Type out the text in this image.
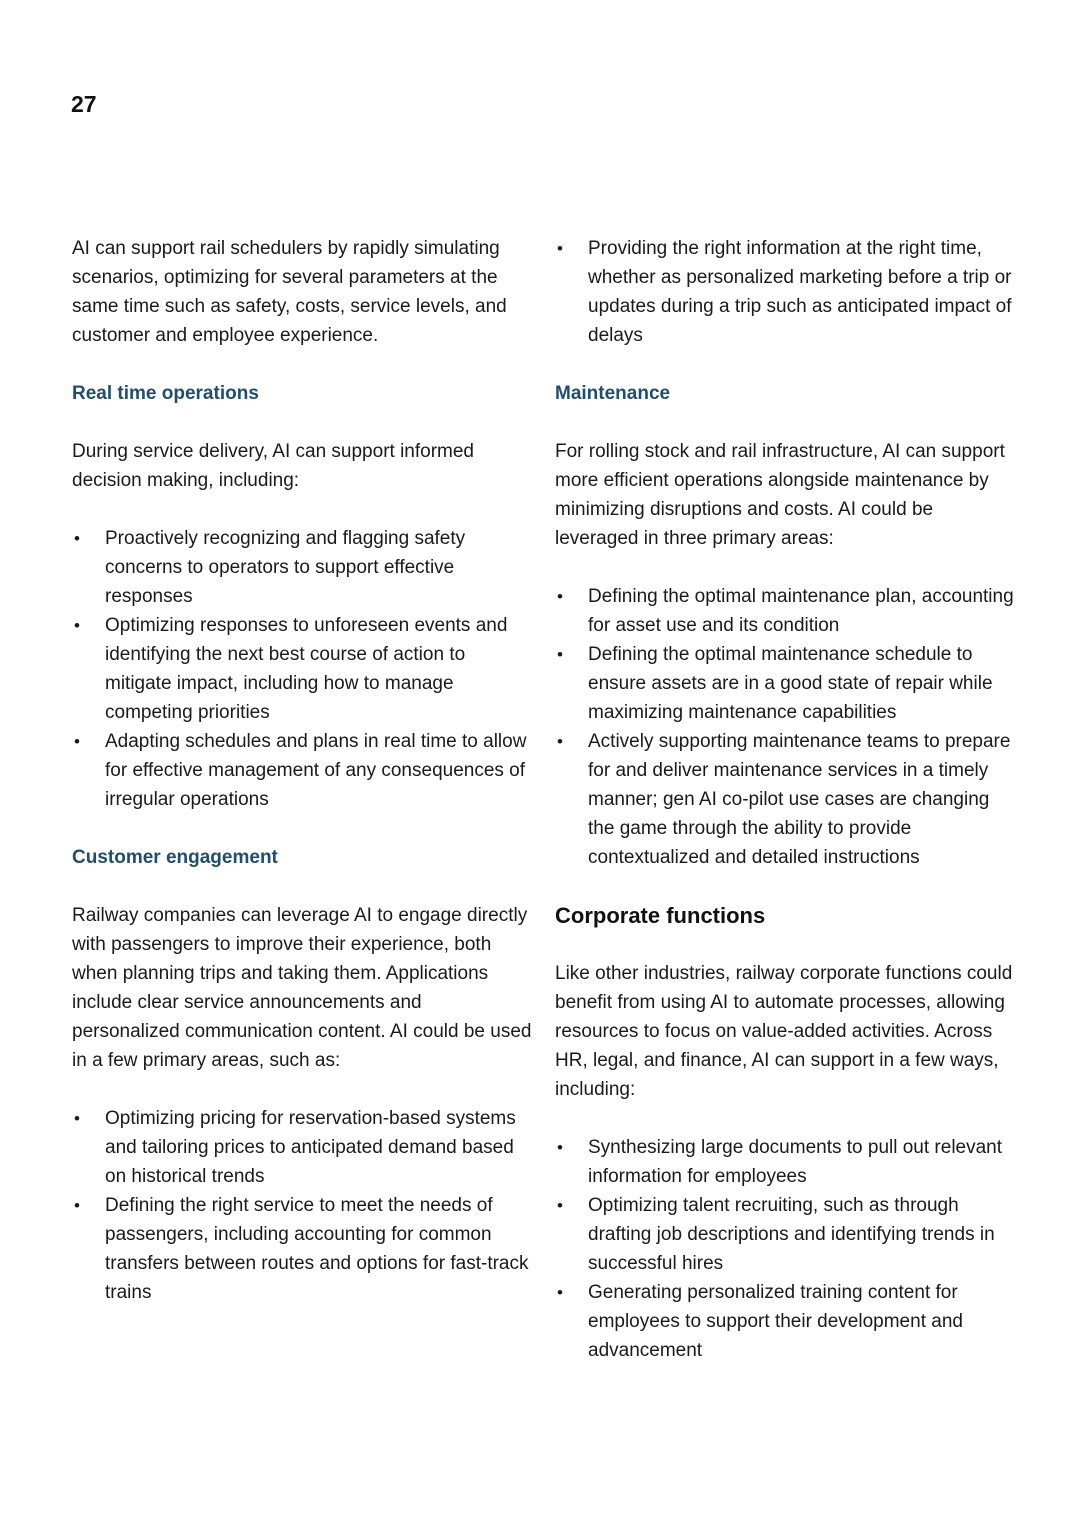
27

AI can support rail schedulers by rapidly simulating scenarios, optimizing for several parameters at the same time such as safety, costs, service levels, and customer and employee experience.

Real time operations

During service delivery, AI can support informed decision making, including:

• Proactively recognizing and flagging safety concerns to operators to support effective responses
• Optimizing responses to unforeseen events and identifying the next best course of action to mitigate impact, including how to manage competing priorities
• Adapting schedules and plans in real time to allow for effective management of any consequences of irregular operations
Customer engagement

Railway companies can leverage AI to engage directly with passengers to improve their experience, both when planning trips and taking them. Applications include clear service announcements and personalized communication content. AI could be used in a few primary areas, such as:

• Optimizing pricing for reservation-based systems and tailoring prices to anticipated demand based on historical trends
• Defining the right service to meet the needs of passengers, including accounting for common transfers between routes and options for fast-track trains
• Providing the right information at the right time, whether as personalized marketing before a trip or updates during a trip such as anticipated impact of delays
Maintenance

For rolling stock and rail infrastructure, AI can support more efficient operations alongside maintenance by minimizing disruptions and costs. AI could be leveraged in three primary areas:

• Defining the optimal maintenance plan, accounting for asset use and its condition
• Defining the optimal maintenance schedule to ensure assets are in a good state of repair while maximizing maintenance capabilities
• Actively supporting maintenance teams to prepare for and deliver maintenance services in a timely manner; gen AI co-pilot use cases are changing the game through the ability to provide contextualized and detailed instructions
Corporate functions

Like other industries, railway corporate functions could benefit from using AI to automate processes, allowing resources to focus on value-added activities. Across HR, legal, and finance, AI can support in a few ways, including:

• Synthesizing large documents to pull out relevant information for employees
• Optimizing talent recruiting, such as through drafting job descriptions and identifying trends in successful hires
• Generating personalized training content for employees to support their development and advancement
